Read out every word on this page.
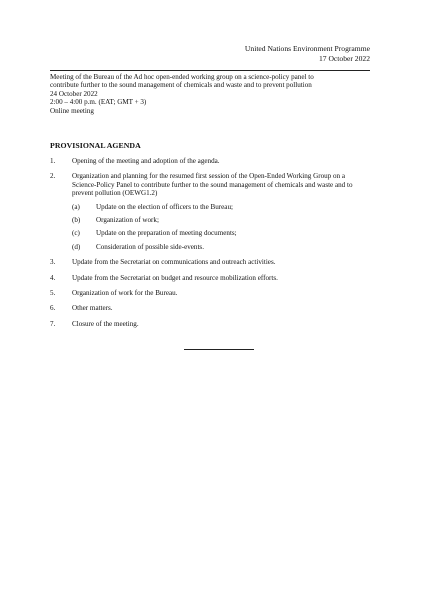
United Nations Environment Programme
17 October 2022
Meeting of the Bureau of the Ad hoc open-ended working group on a science-policy panel to
contribute further to the sound management of chemicals and waste and to prevent pollution
24 October 2022
2:00 – 4:00 p.m. (EAT; GMT + 3)
Online meeting
PROVISIONAL AGENDA
1. Opening of the meeting and adoption of the agenda.
2. Organization and planning for the resumed first session of the Open-Ended Working Group on a
Science-Policy Panel to contribute further to the sound management of chemicals and waste and to
prevent pollution (OEWG1.2)
(a) Update on the election of officers to the Bureau;
(b) Organization of work;
(c) Update on the preparation of meeting documents;
(d) Consideration of possible side-events.
3. Update from the Secretariat on communications and outreach activities.
4. Update from the Secretariat on budget and resource mobilization efforts.
5. Organization of work for the Bureau.
6. Other matters.
7. Closure of the meeting.
